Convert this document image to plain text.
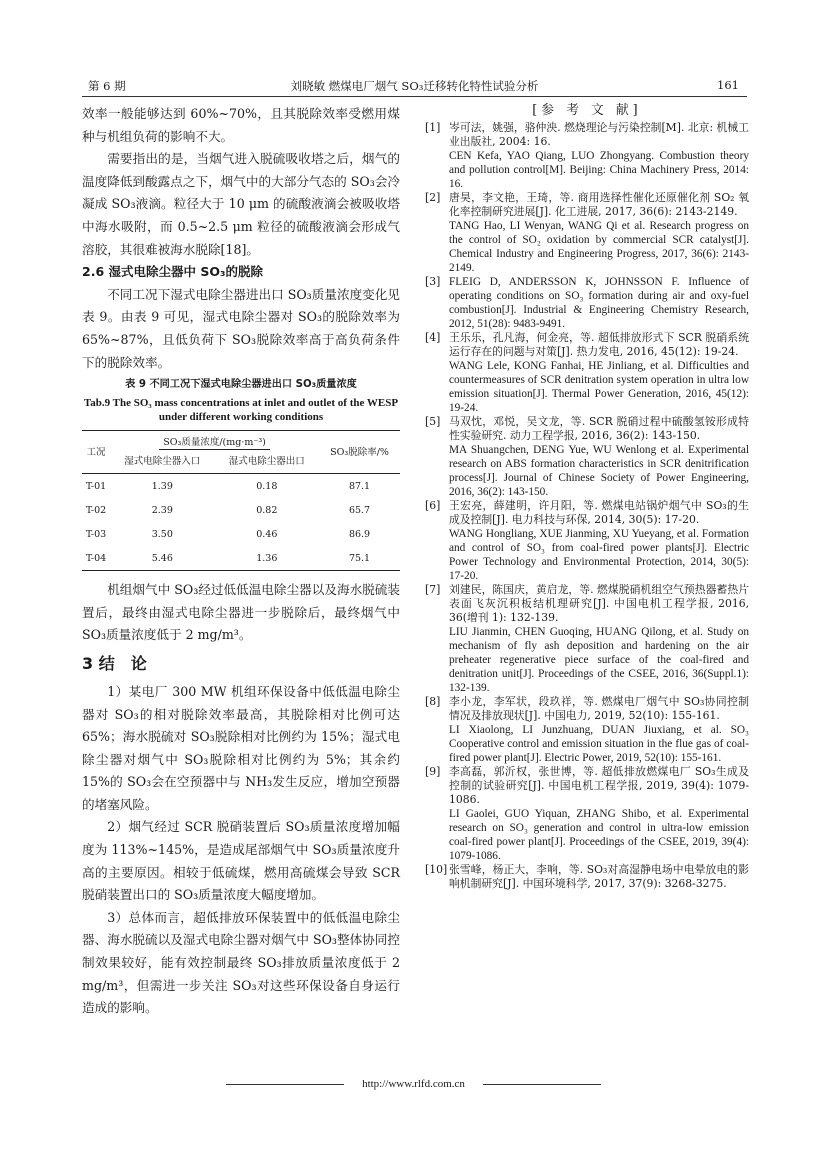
第 6 期	刘晓敏 燃煤电厂烟气 SO₃迁移转化特性试验分析	161

效率一般能够达到 60%~70%，且其脱除效率受燃用煤种与机组负荷的影响不大。

需要指出的是，当烟气进入脱硫吸收塔之后，烟气的温度降低到酸露点之下，烟气中的大部分气态的 SO₃会冷凝成 SO₃液滴。粒径大于 10 μm 的硫酸液滴会被吸收塔中海水吸附，而 0.5~2.5 μm 粒径的硫酸液滴会形成气溶胶，其很难被海水脱除[18]。

2.6 湿式电除尘器中 SO₃的脱除

不同工况下湿式电除尘器进出口 SO₃质量浓度变化见表 9。由表 9 可见，湿式电除尘器对 SO₃的脱除效率为 65%~87%，且低负荷下 SO₃脱除效率高于高负荷条件下的脱除效率。

表 9 不同工况下湿式电除尘器进出口 SO₃质量浓度

Tab.9 The SO₃ mass concentrations at inlet and outlet of the WESP under different working conditions

工况	SO₃质量浓度/(mg·m⁻³)		SO₃脱除率/%
	湿式电除尘器入口	湿式电除尘器出口	
T-01	1.39	0.18	87.1
T-02	2.39	0.82	65.7
T-03	3.50	0.46	86.9
T-04	5.46	1.36	75.1

机组烟气中 SO₃经过低低温电除尘器以及海水脱硫装置后，最终由湿式电除尘器进一步脱除后，最终烟气中 SO₃质量浓度低于 2 mg/m³。

3 结　论

1）某电厂 300 MW 机组环保设备中低低温电除尘器对 SO₃的相对脱除效率最高，其脱除相对比例可达 65%；海水脱硫对 SO₃脱除相对比例约为 15%；湿式电除尘器对烟气中 SO₃脱除相对比例约为 5%；其余约 15%的 SO₃会在空预器中与 NH₃发生反应，增加空预器的堵塞风险。

2）烟气经过 SCR 脱硝装置后 SO₃质量浓度增加幅度为 113%~145%，是造成尾部烟气中 SO₃质量浓度升高的主要原因。相较于低硫煤，燃用高硫煤会导致 SCR 脱硝装置出口的 SO₃质量浓度大幅度增加。

3）总体而言，超低排放环保装置中的低低温电除尘器、海水脱硫以及湿式电除尘器对烟气中 SO₃整体协同控制效果较好，能有效控制最终 SO₃排放质量浓度低于 2 mg/m³，但需进一步关注 SO₃对这些环保设备自身运行造成的影响。

[参 考 文 献]

[1] 岑可法，姚强，骆仲泱. 燃烧理论与污染控制[M]. 北京: 机械工业出版社, 2004: 16.
CEN Kefa, YAO Qiang, LUO Zhongyang. Combustion theory and pollution control[M]. Beijing: China Machinery Press, 2014: 16.
[2] 唐昊，李文艳，王琦，等. 商用选择性催化还原催化剂 SO₂ 氧化率控制研究进展[J]. 化工进展, 2017, 36(6): 2143-2149.
TANG Hao, LI Wenyan, WANG Qi et al. Research progress on the control of SO₂ oxidation by commercial SCR catalyst[J]. Chemical Industry and Engineering Progress, 2017, 36(6): 2143-2149.
[3] FLEIG D, ANDERSSON K, JOHNSSON F. Influence of operating conditions on SO₃ formation during air and oxy-fuel combustion[J]. Industrial & Engineering Chemistry Research, 2012, 51(28): 9483-9491.
[4] 王乐乐，孔凡海，何金亮，等. 超低排放形式下 SCR 脱硝系统运行存在的问题与对策[J]. 热力发电, 2016, 45(12): 19-24.
WANG Lele, KONG Fanhai, HE Jinliang, et al. Difficulties and countermeasures of SCR denitration system operation in ultra low emission situation[J]. Thermal Power Generation, 2016, 45(12): 19-24.
[5] 马双忱，邓悦，吴文龙，等. SCR 脱硝过程中硫酸氢铵形成特性实验研究. 动力工程学报, 2016, 36(2): 143-150.
MA Shuangchen, DENG Yue, WU Wenlong et al. Experimental research on ABS formation characteristics in SCR denitrification process[J]. Journal of Chinese Society of Power Engineering, 2016, 36(2): 143-150.
[6] 王宏亮，薛建明，许月阳，等. 燃煤电站锅炉烟气中 SO₃的生成及控制[J]. 电力科技与环保, 2014, 30(5): 17-20.
WANG Hongliang, XUE Jianming, XU Yueyang, et al. Formation and control of SO₃ from coal-fired power plants[J]. Electric Power Technology and Environmental Protection, 2014, 30(5): 17-20.
[7] 刘建民，陈国庆，黄启龙，等. 燃煤脱硝机组空气预热器蓄热片表面飞灰沉积板结机理研究[J]. 中国电机工程学报, 2016, 36(增刊 1): 132-139.
LIU Jianmin, CHEN Guoqing, HUANG Qilong, et al. Study on mechanism of fly ash deposition and hardening on the air preheater regenerative piece surface of the coal-fired and denitration unit[J]. Proceedings of the CSEE, 2016, 36(Suppl.1): 132-139.
[8] 李小龙，李军状，段玖祥，等. 燃煤电厂烟气中 SO₃协同控制情况及排放现状[J]. 中国电力, 2019, 52(10): 155-161.
LI Xiaolong, LI Junzhuang, DUAN Jiuxiang, et al. SO₃ Cooperative control and emission situation in the flue gas of coal-fired power plant[J]. Electric Power, 2019, 52(10): 155-161.
[9] 李高磊，郭沂权，张世博，等. 超低排放燃煤电厂 SO₃生成及控制的试验研究[J]. 中国电机工程学报, 2019, 39(4): 1079-1086.
LI Gaolei, GUO Yiquan, ZHANG Shibo, et al. Experimental research on SO₃ generation and control in ultra-low emission coal-fired power plant[J]. Proceedings of the CSEE, 2019, 39(4): 1079-1086.
[10] 张雪峰，杨正大，李响，等. SO₃对高湿静电场中电晕放电的影响机制研究[J]. 中国环境科学, 2017, 37(9): 3268-3275.
http://www.rlfd.com.cn
